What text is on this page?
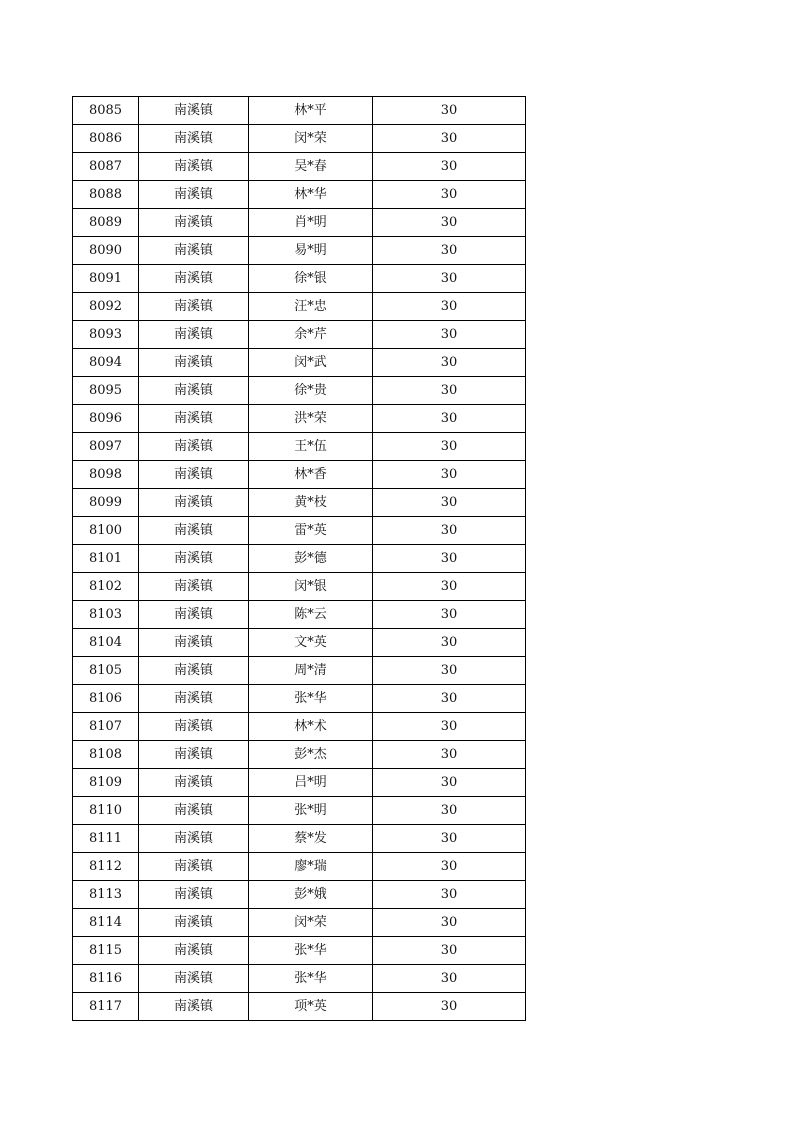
8085	南溪镇	林*平	30
8086	南溪镇	闵*荣	30
8087	南溪镇	吴*春	30
8088	南溪镇	林*华	30
8089	南溪镇	肖*明	30
8090	南溪镇	易*明	30
8091	南溪镇	徐*银	30
8092	南溪镇	汪*忠	30
8093	南溪镇	余*芹	30
8094	南溪镇	闵*武	30
8095	南溪镇	徐*贵	30
8096	南溪镇	洪*荣	30
8097	南溪镇	王*伍	30
8098	南溪镇	林*香	30
8099	南溪镇	黄*枝	30
8100	南溪镇	雷*英	30
8101	南溪镇	彭*德	30
8102	南溪镇	闵*银	30
8103	南溪镇	陈*云	30
8104	南溪镇	文*英	30
8105	南溪镇	周*清	30
8106	南溪镇	张*华	30
8107	南溪镇	林*术	30
8108	南溪镇	彭*杰	30
8109	南溪镇	吕*明	30
8110	南溪镇	张*明	30
8111	南溪镇	蔡*发	30
8112	南溪镇	廖*瑞	30
8113	南溪镇	彭*娥	30
8114	南溪镇	闵*荣	30
8115	南溪镇	张*华	30
8116	南溪镇	张*华	30
8117	南溪镇	项*英	30
